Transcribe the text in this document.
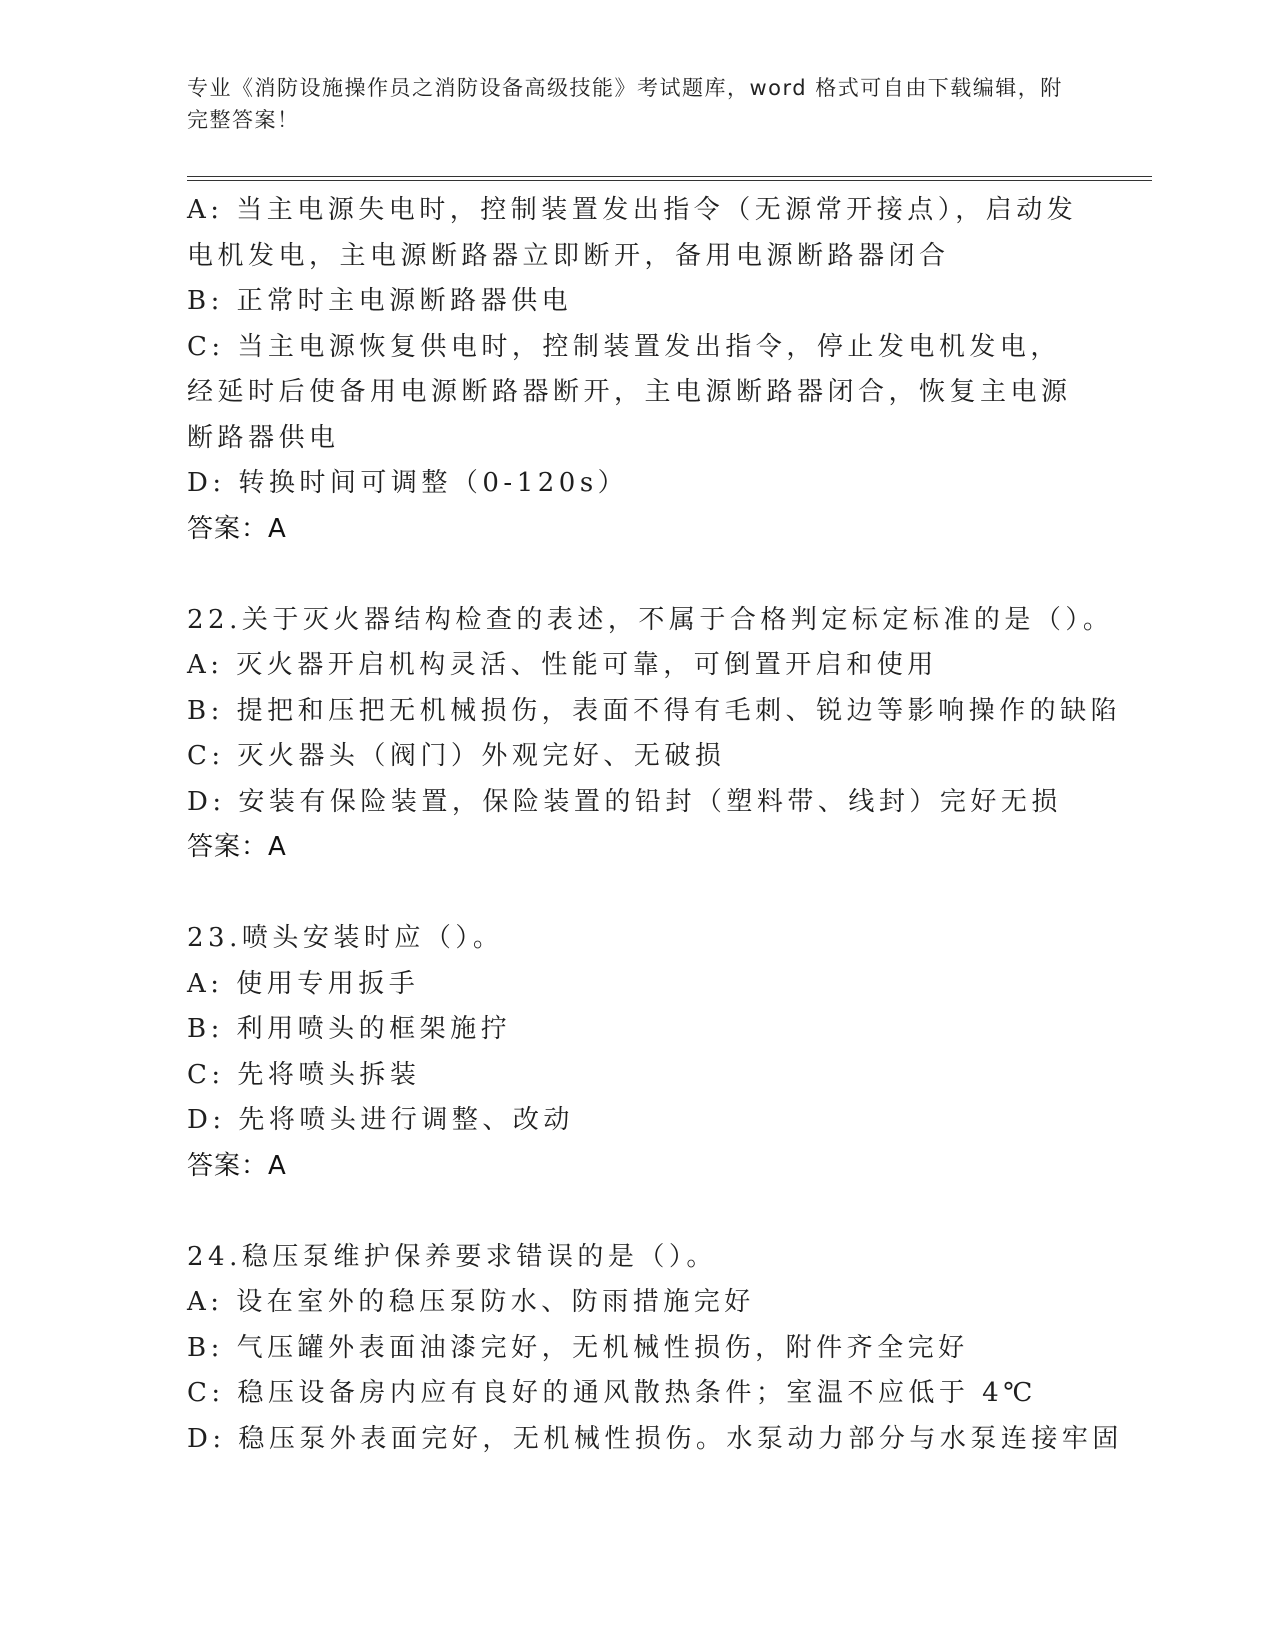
专业《消防设施操作员之消防设备高级技能》考试题库，word 格式可自由下载编辑，附完整答案！
A: 当主电源失电时，控制装置发出指令（无源常开接点），启动发电机发电，主电源断路器立即断开，备用电源断路器闭合
B: 正常时主电源断路器供电
C: 当主电源恢复供电时，控制装置发出指令，停止发电机发电，经延时后使备用电源断路器断开，主电源断路器闭合，恢复主电源断路器供电
D: 转换时间可调整（0-120s）
答案：A
22.关于灭火器结构检查的表述，不属于合格判定标定标准的是（）。
A: 灭火器开启机构灵活、性能可靠，可倒置开启和使用
B: 提把和压把无机械损伤，表面不得有毛刺、锐边等影响操作的缺陷
C: 灭火器头（阀门）外观完好、无破损
D: 安装有保险装置，保险装置的铅封（塑料带、线封）完好无损
答案：A
23.喷头安装时应（）。
A: 使用专用扳手
B: 利用喷头的框架施拧
C: 先将喷头拆装
D: 先将喷头进行调整、改动
答案：A
24.稳压泵维护保养要求错误的是（）。
A: 设在室外的稳压泵防水、防雨措施完好
B: 气压罐外表面油漆完好，无机械性损伤，附件齐全完好
C: 稳压设备房内应有良好的通风散热条件；室温不应低于 4℃
D: 稳压泵外表面完好，无机械性损伤。水泵动力部分与水泵连接牢固
